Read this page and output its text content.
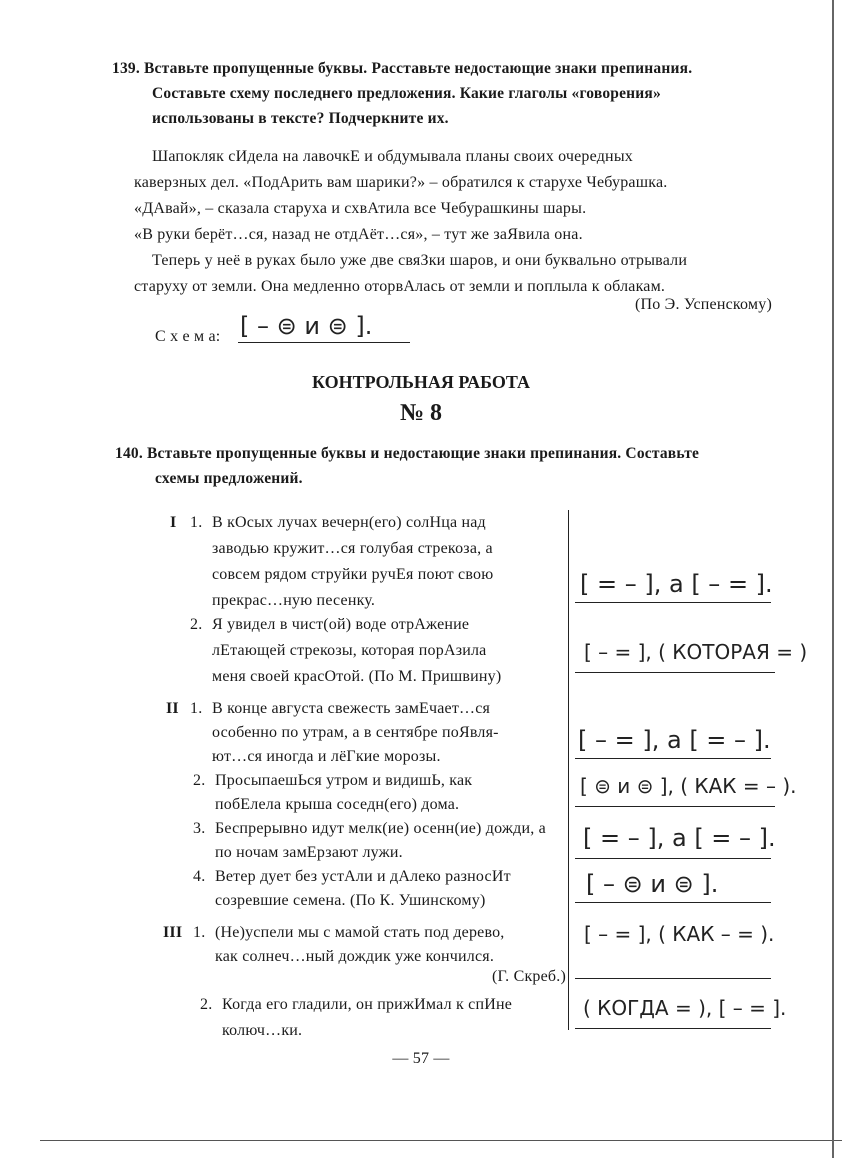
139. Вставьте пропущенные буквы. Расставьте недостающие знаки препинания.
Составьте схему последнего предложения. Какие глаголы «говорения»
использованы в тексте? Подчеркните их.
Шапокляк сИдела на лавочкЕ и обдумывала планы своих очередных
каверзных дел. «ПодАрить вам шарики?» – обратился к старухе Чебурашка.
«ДАвай», – сказала старуха и схвАтила все Чебурашкины шары.
«В руки берёт…ся, назад не отдАёт…ся», – тут же заЯвила она.
Теперь у неё в руках было уже две свяЗки шаров, и они буквально отрывали
старуху от земли. Она медленно оторвАлась от земли и поплыла к облакам.
(По Э. Успенскому)
С х е м а: [ – ⊜ и ⊜ ].
КОНТРОЛЬНАЯ РАБОТА
№ 8
140. Вставьте пропущенные буквы и недостающие знаки препинания. Составьте
схемы предложений.
I 1. В кОсых лучах вечерн(его) солНца над
заводью кружит…ся голубая стрекоза, а
совсем рядом струйки ручЕя поют свою
прекрас…ную песенку.
2. Я увидел в чист(ой) воде отрАжение
лЕтающей стрекозы, которая порАзила
меня своей красОтой. (По М. Пришвину)
II 1. В конце августа свежесть замЕчает…ся
особенно по утрам, а в сентябре поЯвля-
ют…ся иногда и лёГкие морозы.
2. ПросыпаешЬся утром и видишЬ, как
побЕлела крыша соседн(его) дома.
3. Беспрерывно идут мелк(ие) осенн(ие) дожди, а
по ночам замЕрзают лужи.
4. Ветер дует без устАли и дАлеко разносИт
созревшие семена. (По К. Ушинскому)
III 1. (Не)успели мы с мамой стать под дерево,
как солнеч…ный дождик уже кончился.
(Г. Скреб.)
2. Когда его гладили, он прижИмал к спИне
колюч…ки.
[ = – ], а [ – = ].
[ – = ], ( КОТОРАЯ = )
[ – = ], а [ = – ].
[ ⊜ и ⊜ ], ( КАК = – ).
[ = – ], а [ = – ].
[ – ⊜ и ⊜ ].
[ – = ], ( КАК – = ).
( КОГДА = ), [ – = ].
— 57 —
